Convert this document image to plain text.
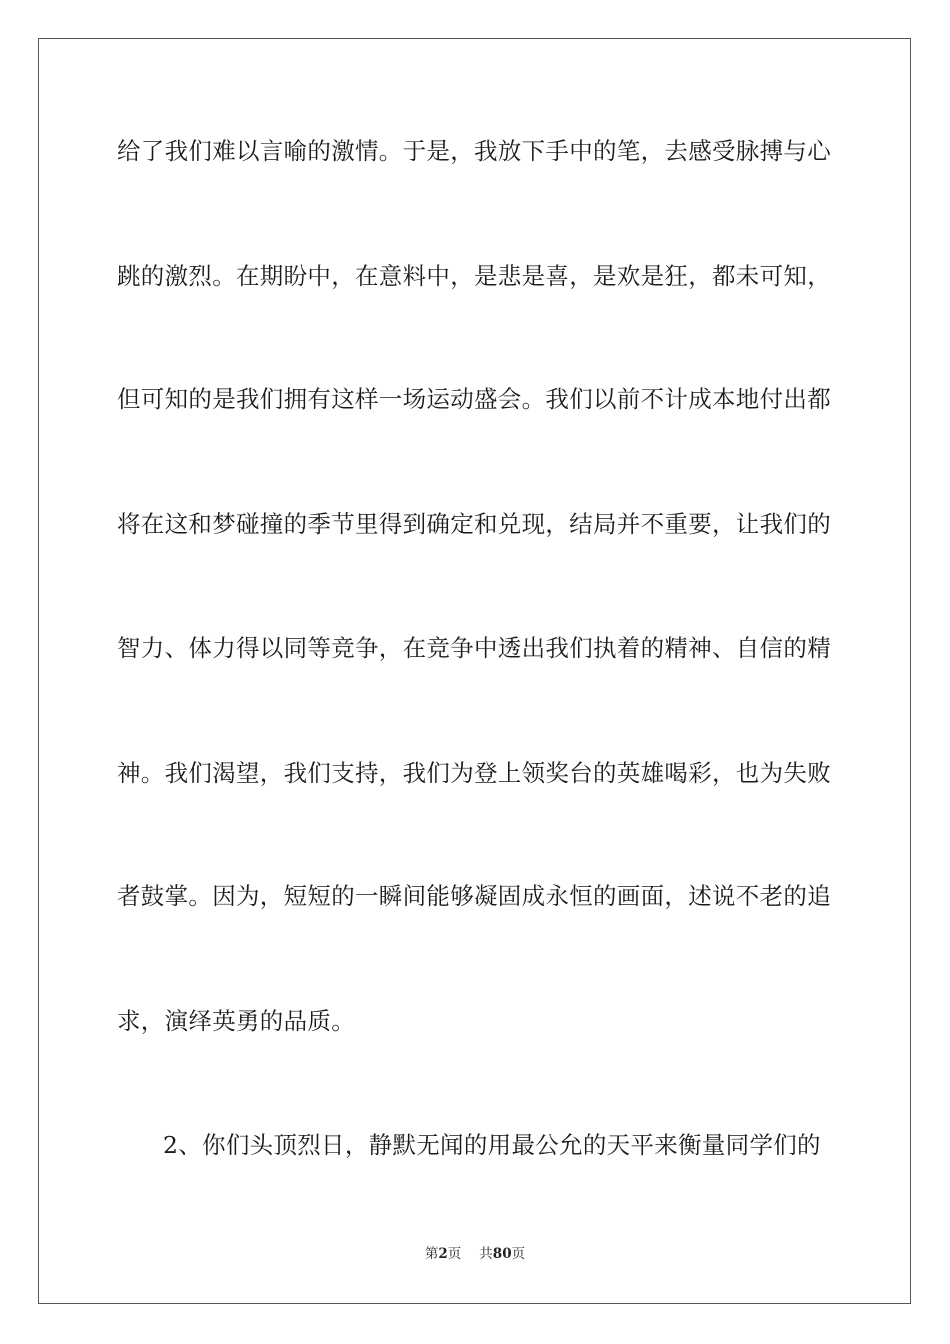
给了我们难以言喻的激情。于是，我放下手中的笔，去感受脉搏与心
跳的激烈。在期盼中，在意料中，是悲是喜，是欢是狂，都未可知，
但可知的是我们拥有这样一场运动盛会。我们以前不计成本地付出都
将在这和梦碰撞的季节里得到确定和兑现，结局并不重要，让我们的
智力、体力得以同等竞争，在竞争中透出我们执着的精神、自信的精
神。我们渴望，我们支持，我们为登上领奖台的英雄喝彩，也为失败
者鼓掌。因为，短短的一瞬间能够凝固成永恒的画面，述说不老的追
求，演绎英勇的品质。
2、你们头顶烈日，静默无闻的用最公允的天平来衡量同学们的
第2页 共80页
